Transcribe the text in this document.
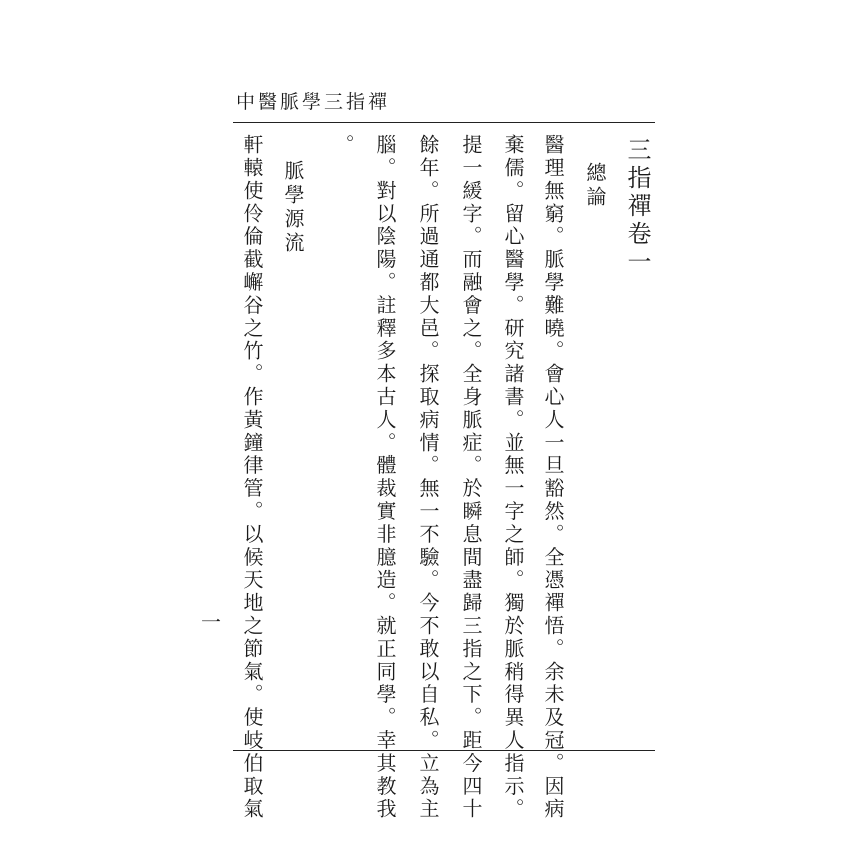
中醫脈學三指禪
三指禪卷一
總論
醫理無窮。脈學難曉。會心人一旦豁然。全憑禪悟。余未及冠。因病
棄儒。留心醫學。研究諸書。並無一字之師。獨於脈稍得異人指示。
提一緩字。而融會之。全身脈症。於瞬息間盡歸三指之下。距今四十
餘年。所過通都大邑。探取病情。無一不驗。今不敢以自私。立為主
腦。對以陰陽。註釋多本古人。體裁實非臆造。就正同學。幸其教我
。
脈學源流
軒轅使伶倫截嶰谷之竹。作黃鐘律管。以候天地之節氣。使岐伯取氣
一
